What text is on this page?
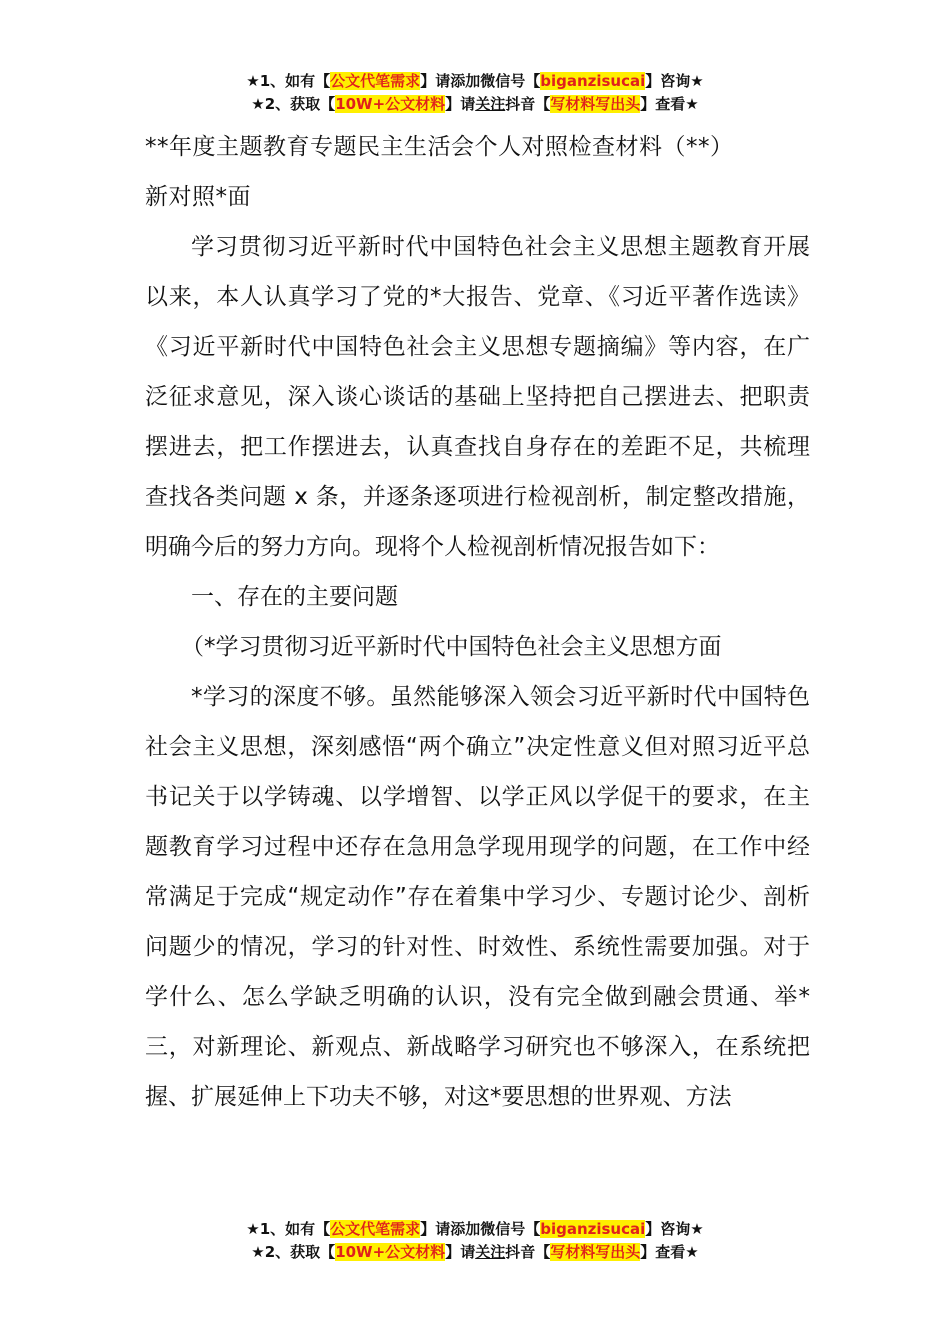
★1、如有【公文代笔需求】请添加微信号【biganzisucai】咨询★
★2、获取【10W+公文材料】请关注抖音【写材料写出头】查看★

**年度主题教育专题民主生活会个人对照检查材料（**）

新对照*面

学习贯彻习近平新时代中国特色社会主义思想主题教育开展以来，本人认真学习了党的*大报告、党章、《习近平著作选读》《习近平新时代中国特色社会主义思想专题摘编》等内容，在广泛征求意见，深入谈心谈话的基础上坚持把自己摆进去、把职责摆进去，把工作摆进去，认真查找自身存在的差距不足，共梳理查找各类问题 x 条，并逐条逐项进行检视剖析，制定整改措施，明确今后的努力方向。现将个人检视剖析情况报告如下：

一、存在的主要问题

（*学习贯彻习近平新时代中国特色社会主义思想方面

*学习的深度不够。虽然能够深入领会习近平新时代中国特色社会主义思想，深刻感悟“两个确立”决定性意义但对照习近平总书记关于以学铸魂、以学增智、以学正风以学促干的要求，在主题教育学习过程中还存在急用急学现用现学的问题，在工作中经常满足于完成“规定动作”存在着集中学习少、专题讨论少、剖析问题少的情况，学习的针对性、时效性、系统性需要加强。对于学什么、怎么学缺乏明确的认识，没有完全做到融会贯通、举*三，对新理论、新观点、新战略学习研究也不够深入，在系统把握、扩展延伸上下功夫不够，对这*要思想的世界观、方法

★1、如有【公文代笔需求】请添加微信号【biganzisucai】咨询★
★2、获取【10W+公文材料】请关注抖音【写材料写出头】查看★
